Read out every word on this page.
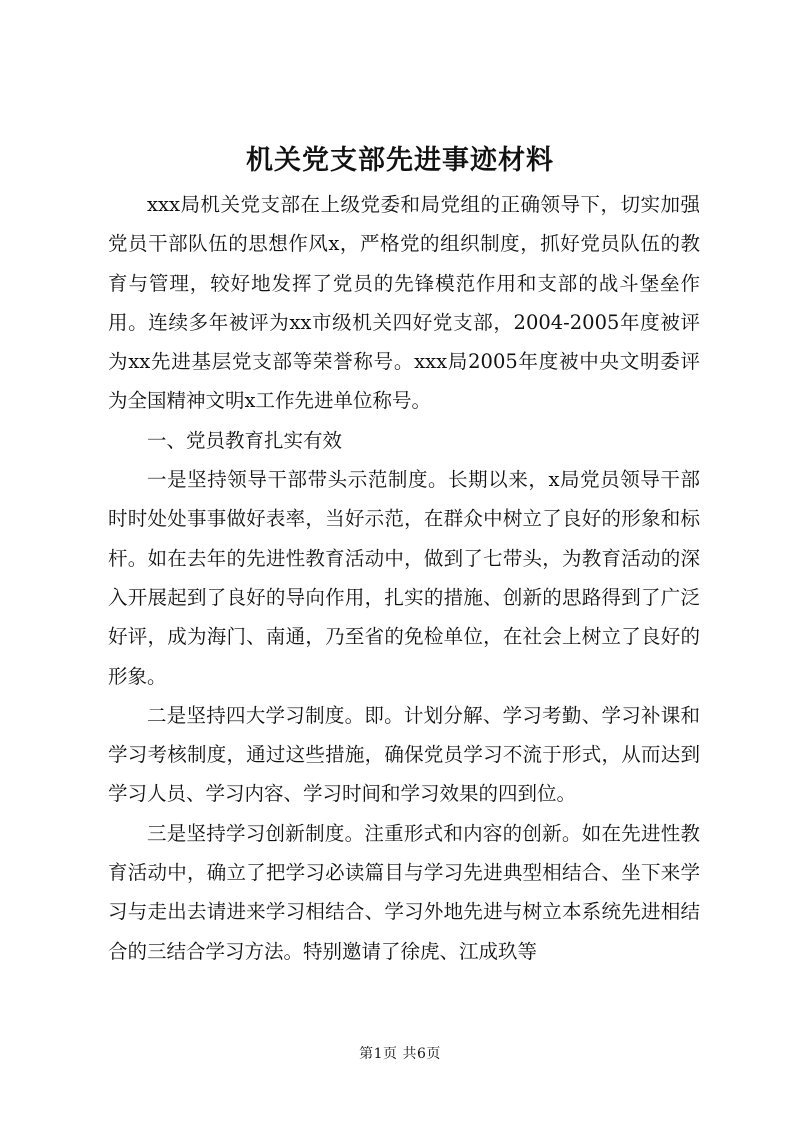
机关党支部先进事迹材料

xxx局机关党支部在上级党委和局党组的正确领导下，切实加强党员干部队伍的思想作风x，严格党的组织制度，抓好党员队伍的教育与管理，较好地发挥了党员的先锋模范作用和支部的战斗堡垒作用。连续多年被评为xx市级机关四好党支部，2004-2005年度被评为xx先进基层党支部等荣誉称号。xxx局2005年度被中央文明委评为全国精神文明x工作先进单位称号。

一、党员教育扎实有效

一是坚持领导干部带头示范制度。长期以来，x局党员领导干部时时处处事事做好表率，当好示范，在群众中树立了良好的形象和标杆。如在去年的先进性教育活动中，做到了七带头，为教育活动的深入开展起到了良好的导向作用，扎实的措施、创新的思路得到了广泛好评，成为海门、南通，乃至省的免检单位，在社会上树立了良好的形象。

二是坚持四大学习制度。即。计划分解、学习考勤、学习补课和学习考核制度，通过这些措施，确保党员学习不流于形式，从而达到学习人员、学习内容、学习时间和学习效果的四到位。

三是坚持学习创新制度。注重形式和内容的创新。如在先进性教育活动中，确立了把学习必读篇目与学习先进典型相结合、坐下来学习与走出去请进来学习相结合、学习外地先进与树立本系统先进相结合的三结合学习方法。特别邀请了徐虎、江成玖等

第1页 共6页
